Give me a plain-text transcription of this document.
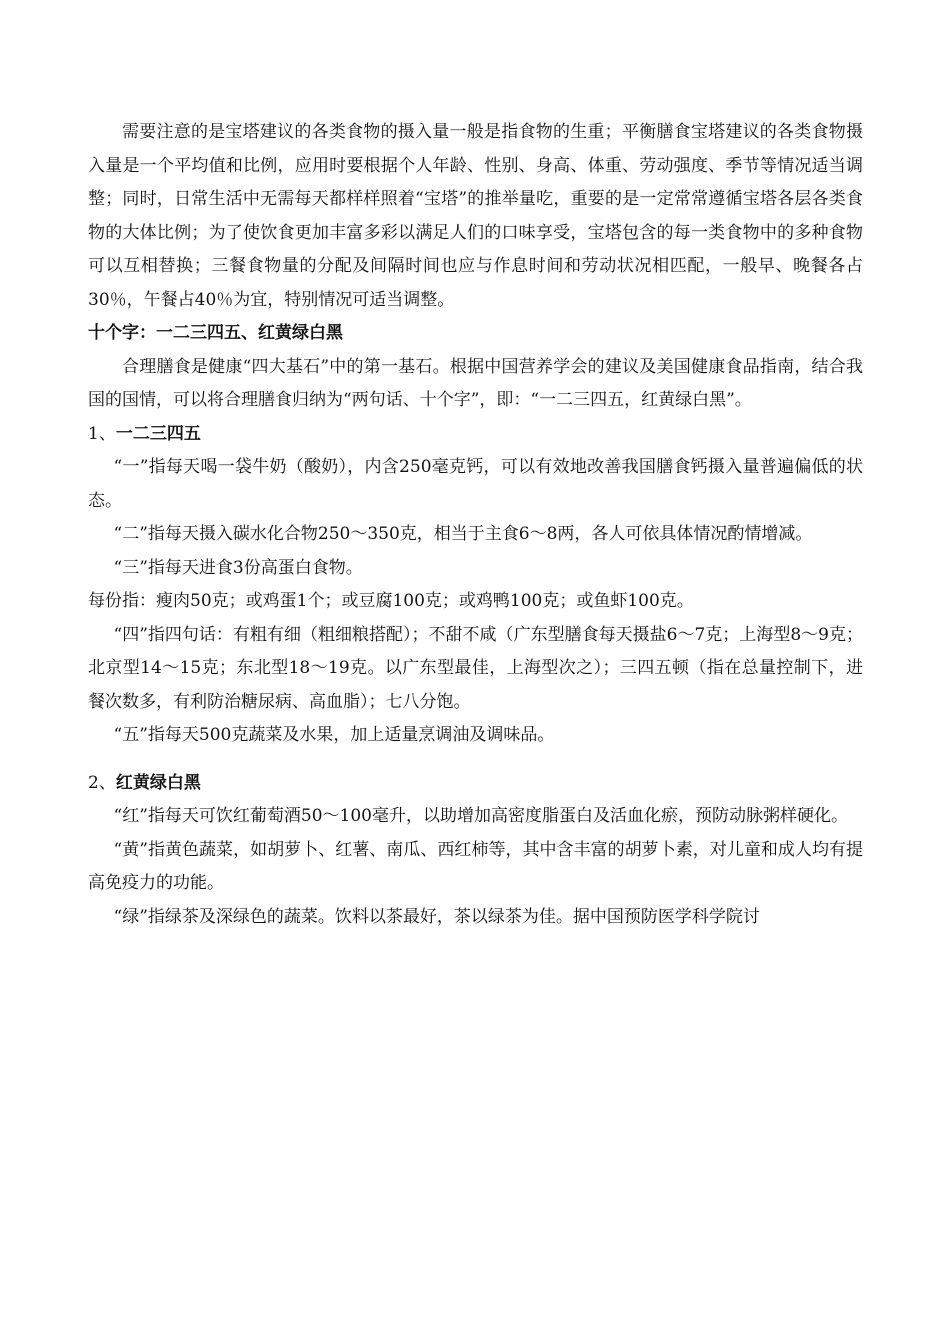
需要注意的是宝塔建议的各类食物的摄入量一般是指食物的生重；平衡膳食宝塔建议的各类食物摄入量是一个平均值和比例，应用时要根据个人年龄、性别、身高、体重、劳动强度、季节等情况适当调整；同时，日常生活中无需每天都样样照着“宝塔”的推举量吃，重要的是一定常常遵循宝塔各层各类食物的大体比例；为了使饮食更加丰富多彩以满足人们的口味享受，宝塔包含的每一类食物中的多种食物可以互相替换；三餐食物量的分配及间隔时间也应与作息时间和劳动状况相匹配，一般早、晚餐各占30％，午餐占40％为宜，特别情况可适当调整。

十个字：一二三四五、红黄绿白黑

合理膳食是健康“四大基石”中的第一基石。根据中国营养学会的建议及美国健康食品指南，结合我国的国情，可以将合理膳食归纳为“两句话、十个字”，即：“一二三四五，红黄绿白黑”。

1、一二三四五

“一”指每天喝一袋牛奶（酸奶），内含250毫克钙，可以有效地改善我国膳食钙摄入量普遍偏低的状态。

“二”指每天摄入碳水化合物250～350克，相当于主食6～8两，各人可依具体情况酌情增减。

“三”指每天进食3份高蛋白食物。

每份指：瘦肉50克；或鸡蛋1个；或豆腐100克；或鸡鸭100克；或鱼虾100克。

“四”指四句话：有粗有细（粗细粮搭配）；不甜不咸（广东型膳食每天摄盐6～7克；上海型8～9克；北京型14～15克；东北型18～19克。以广东型最佳，上海型次之）；三四五顿（指在总量控制下，进餐次数多，有利防治糖尿病、高血脂）；七八分饱。

“五”指每天500克蔬菜及水果，加上适量烹调油及调味品。

2、红黄绿白黑

“红”指每天可饮红葡萄酒50～100毫升，以助增加高密度脂蛋白及活血化瘀，预防动脉粥样硬化。

“黄”指黄色蔬菜，如胡萝卜、红薯、南瓜、西红柿等，其中含丰富的胡萝卜素，对儿童和成人均有提高免疫力的功能。

“绿”指绿茶及深绿色的蔬菜。饮料以茶最好，茶以绿茶为佳。据中国预防医学科学院讨
